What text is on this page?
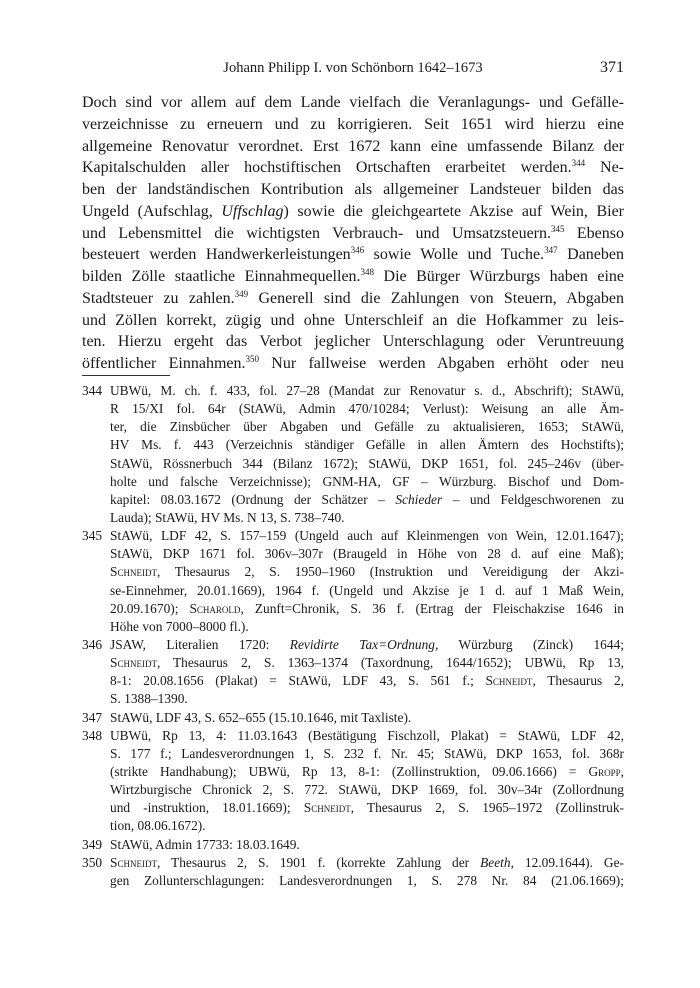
Johann Philipp I. von Schönborn 1642–1673	371
Doch sind vor allem auf dem Lande vielfach die Veranlagungs- und Gefälle-
verzeichnisse zu erneuern und zu korrigieren. Seit 1651 wird hierzu eine
allgemeine Renovatur verordnet. Erst 1672 kann eine umfassende Bilanz der
Kapitalschulden aller hochstiftischen Ortschaften erarbeitet werden.$^{344}$ Ne-
ben der landständischen Kontribution als allgemeiner Landsteuer bilden das
Ungeld (Aufschlag, Uffschlag) sowie die gleichgeartete Akzise auf Wein, Bier
und Lebensmittel die wichtigsten Verbrauch- und Umsatzsteuern.$^{345}$ Ebenso
besteuert werden Handwerkerleistungen$^{346}$ sowie Wolle und Tuche.$^{347}$ Daneben
bilden Zölle staatliche Einnahmequellen.$^{348}$ Die Bürger Würzburgs haben eine
Stadtsteuer zu zahlen.$^{349}$ Generell sind die Zahlungen von Steuern, Abgaben
und Zöllen korrekt, zügig und ohne Unterschleif an die Hofkammer zu leis-
ten. Hierzu ergeht das Verbot jeglicher Unterschlagung oder Veruntreuung
öffentlicher Einnahmen.$^{350}$ Nur fallweise werden Abgaben erhöht oder neu
344 UBWü, M. ch. f. 433, fol. 27–28 (Mandat zur Renovatur s. d., Abschrift); StAWü,
R 15/XI fol. 64r (StAWü, Admin 470/10284; Verlust): Weisung an alle Äm-
ter, die Zinsbücher über Abgaben und Gefälle zu aktualisieren, 1653; StAWü,
HV Ms. f. 443 (Verzeichnis ständiger Gefälle in allen Ämtern des Hochstifts);
StAWü, Rössnerbuch 344 (Bilanz 1672); StAWü, DKP 1651, fol. 245–246v (über-
holte und falsche Verzeichnisse); GNM-HA, GF – Würzburg. Bischof und Dom-
kapitel: 08.03.1672 (Ordnung der Schätzer – Schieder – und Feldgeschworenen zu
Lauda); StAWü, HV Ms. N 13, S. 738–740.
345 StAWü, LDF 42, S. 157–159 (Ungeld auch auf Kleinmengen von Wein, 12.01.1647);
StAWü, DKP 1671 fol. 306v–307r (Braugeld in Höhe von 28 d. auf eine Maß);
Schneidt, Thesaurus 2, S. 1950–1960 (Instruktion und Vereidigung der Akzi-
se-Einnehmer, 20.01.1669), 1964 f. (Ungeld und Akzise je 1 d. auf 1 Maß Wein,
20.09.1670); Scharold, Zunft=Chronik, S. 36 f. (Ertrag der Fleischakzise 1646 in
Höhe von 7000–8000 fl.).
346 JSAW, Literalien 1720: Revidirte Tax=Ordnung, Würzburg (Zinck) 1644;
Schneidt, Thesaurus 2, S. 1363–1374 (Taxordnung, 1644/1652); UBWü, Rp 13,
8-1: 20.08.1656 (Plakat) = StAWü, LDF 43, S. 561 f.; Schneidt, Thesaurus 2,
S. 1388–1390.
347 StAWü, LDF 43, S. 652–655 (15.10.1646, mit Taxliste).
348 UBWü, Rp 13, 4: 11.03.1643 (Bestätigung Fischzoll, Plakat) = StAWü, LDF 42,
S. 177 f.; Landesverordnungen 1, S. 232 f. Nr. 45; StAWü, DKP 1653, fol. 368r
(strikte Handhabung); UBWü, Rp 13, 8-1: (Zollinstruktion, 09.06.1666) = Gropp,
Wirtzburgische Chronick 2, S. 772. StAWü, DKP 1669, fol. 30v–34r (Zollordnung
und -instruktion, 18.01.1669); Schneidt, Thesaurus 2, S. 1965–1972 (Zollinstruk-
tion, 08.06.1672).
349 StAWü, Admin 17733: 18.03.1649.
350 Schneidt, Thesaurus 2, S. 1901 f. (korrekte Zahlung der Beeth, 12.09.1644). Ge-
gen Zollunterschlagungen: Landesverordnungen 1, S. 278 Nr. 84 (21.06.1669);
